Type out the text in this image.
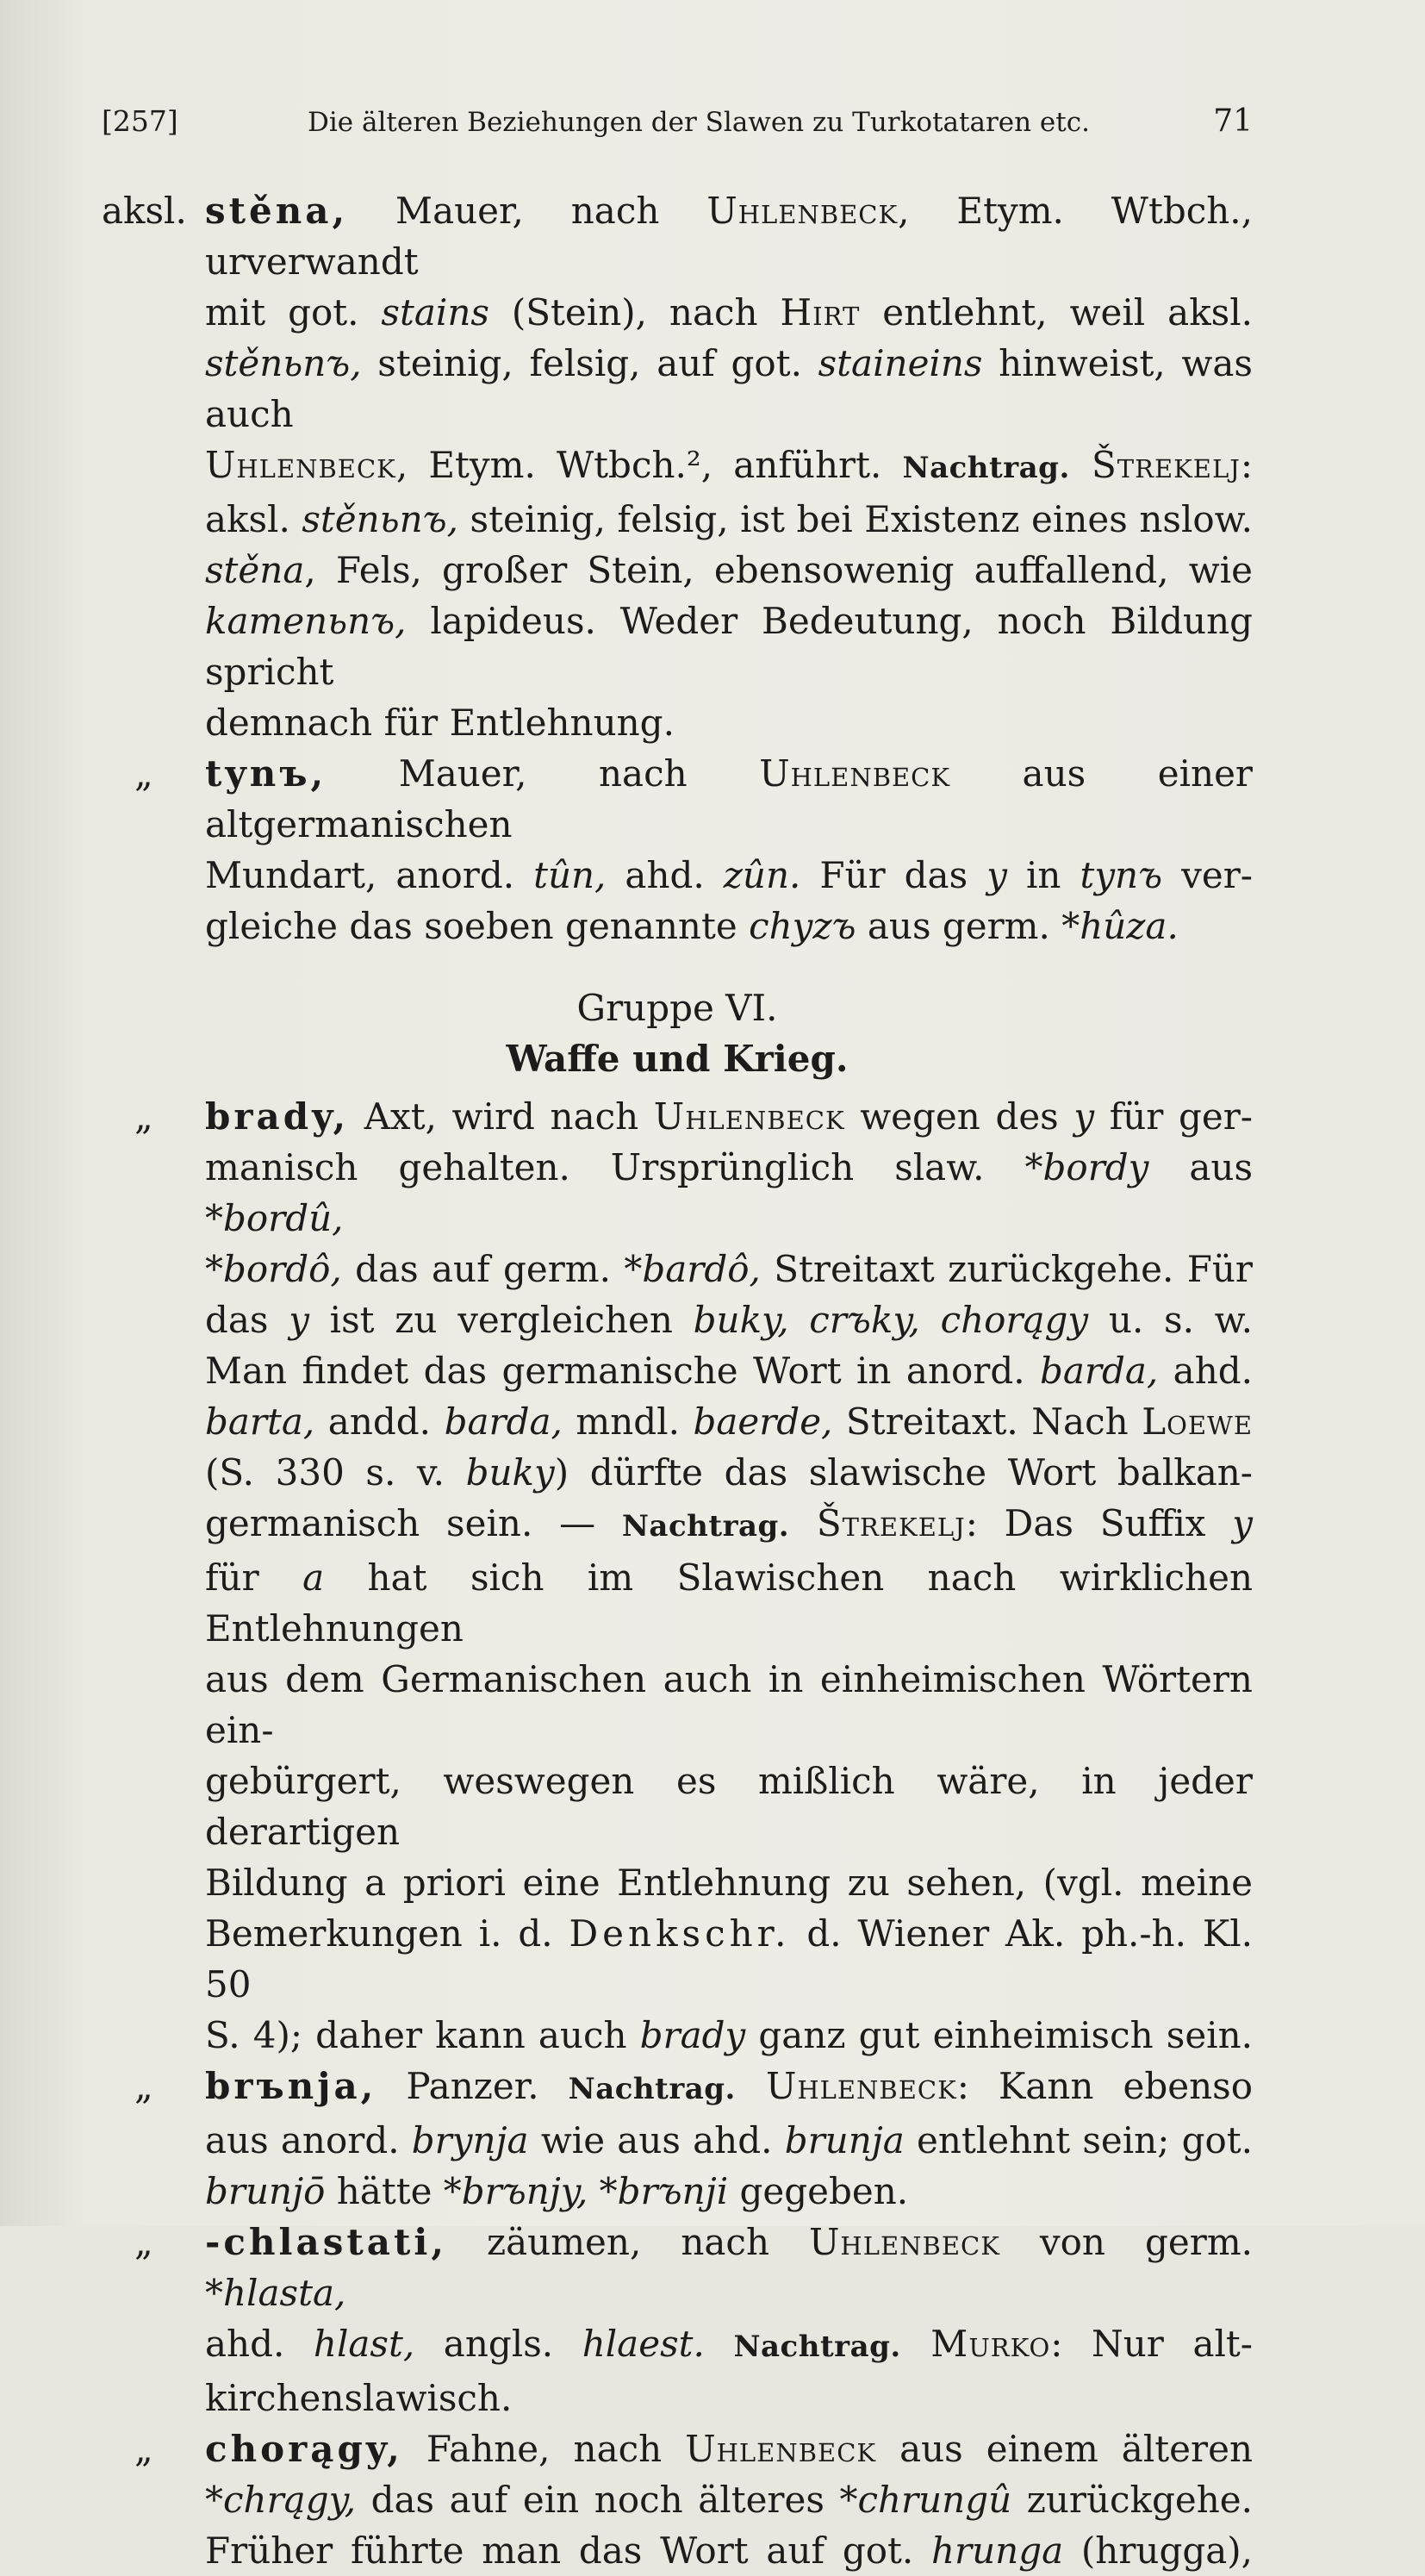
[257]	Die älteren Beziehungen der Slawen zu Turkotataren etc.	71
aksl. stěna, Mauer, nach Uhlenbeck, Etym. Wtbch., urverwandt
mit got. stains (Stein), nach Hirt entlehnt, weil aksl.
stěnьnъ, steinig, felsig, auf got. staineins hinweist, was auch
Uhlenbeck, Etym. Wtbch.², anführt. Nachtrag. Štrekelj:
aksl. stěnьnъ, steinig, felsig, ist bei Existenz eines nslow.
stěna, Fels, großer Stein, ebensowenig auffallend, wie
kamenьnъ, lapideus. Weder Bedeutung, noch Bildung spricht
demnach für Entlehnung.
„	tynъ, Mauer, nach Uhlenbeck aus einer altgermanischen
Mundart, anord. tûn, ahd. zûn. Für das y in tynъ ver-
gleiche das soeben genannte chyzъ aus germ. *hûza.
Gruppe VI.
Waffe und Krieg.
„	brady, Axt, wird nach Uhlenbeck wegen des y für ger-
manisch gehalten. Ursprünglich slaw. *bordy aus *bordû,
*bordô, das auf germ. *bardô, Streitaxt zurückgehe. Für
das y ist zu vergleichen buky, crъky, chorągy u. s. w.
Man findet das germanische Wort in anord. barda, ahd.
barta, andd. barda, mndl. baerde, Streitaxt. Nach Loewe
(S. 330 s. v. buky) dürfte das slawische Wort balkan-
germanisch sein. — Nachtrag. Štrekelj: Das Suffix y
für a hat sich im Slawischen nach wirklichen Entlehnungen
aus dem Germanischen auch in einheimischen Wörtern ein-
gebürgert, weswegen es mißlich wäre, in jeder derartigen
Bildung a priori eine Entlehnung zu sehen, (vgl. meine
Bemerkungen i. d. Denkschr. d. Wiener Ak. ph.-h. Kl. 50
S. 4); daher kann auch brady ganz gut einheimisch sein.
„	brъnja, Panzer. Nachtrag. Uhlenbeck: Kann ebenso
aus anord. brynja wie aus ahd. brunja entlehnt sein; got.
brunjō hätte *brъnjy, *brъnji gegeben.
„	-chlastati, zäumen, nach Uhlenbeck von germ. *hlasta,
ahd. hlast, angls. hlaest. Nachtrag. Murko: Nur alt-
kirchenslawisch.
„	chorągy, Fahne, nach Uhlenbeck aus einem älteren
*chrągy, das auf ein noch älteres *chrungû zurückgehe.
Früher führte man das Wort auf got. hrunga (hrugga),
